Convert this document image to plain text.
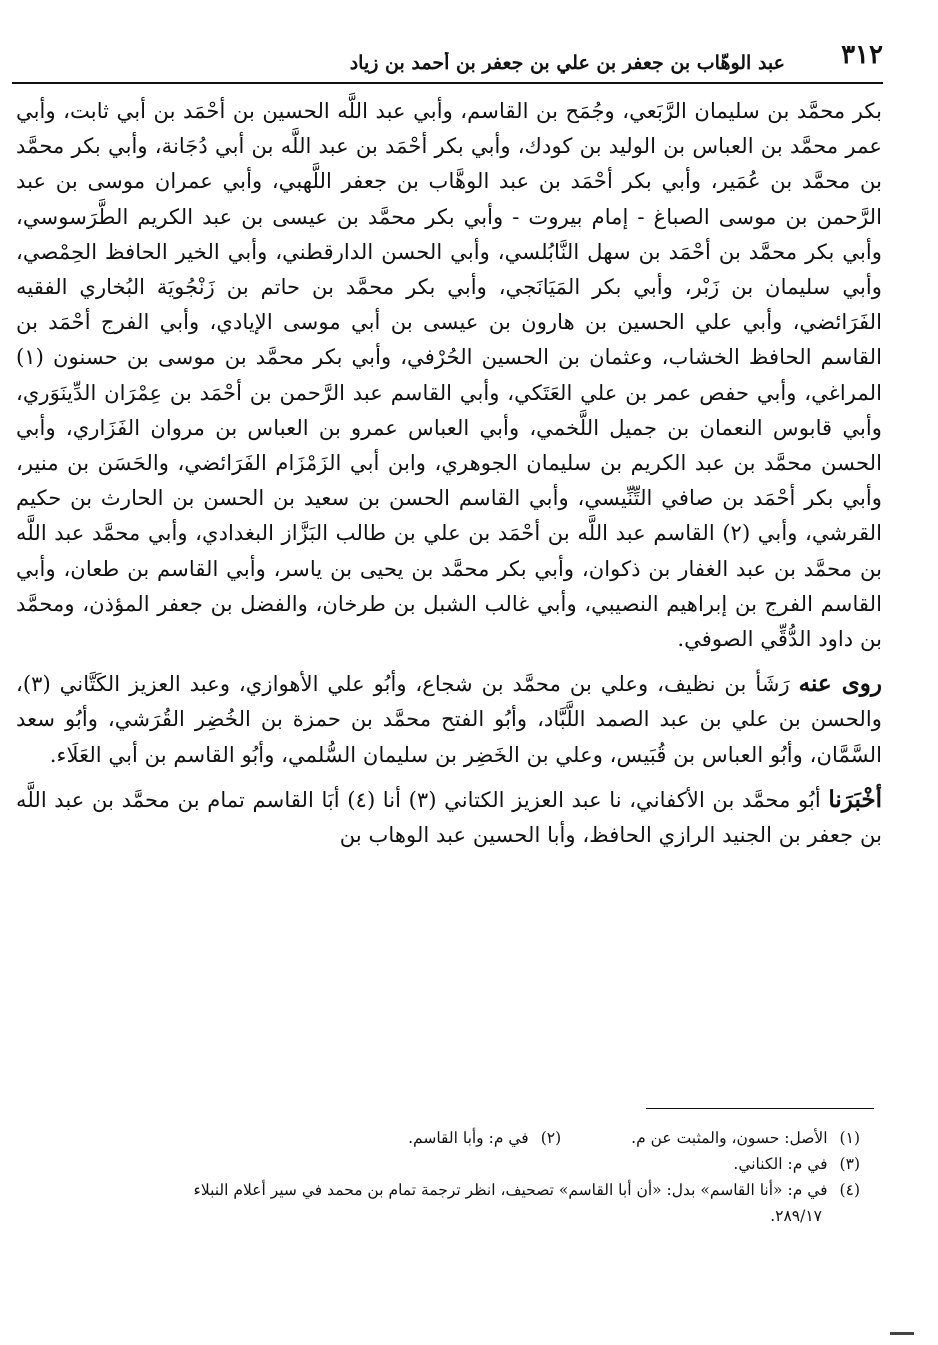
٣١٢
عبد الوهّاب بن جعفر بن علي بن جعفر بن أحمد بن زياد

بكر محمَّد بن سليمان الرَّبَعي، وجُمَح بن القاسم، وأبي عبد اللَّه الحسين بن أحْمَد بن أبي ثابت، وأبي عمر محمَّد بن العباس بن الوليد بن كودك، وأبي بكر أحْمَد بن عبد اللَّه بن أبي دُجَانة، وأبي بكر محمَّد بن محمَّد بن عُمَير، وأبي بكر أحْمَد بن عبد الوهَّاب بن جعفر اللَّهبي، وأبي عمران موسى بن عبد الرَّحمن بن موسى الصباغ - إمام بيروت - وأبي بكر محمَّد بن عيسى بن عبد الكريم الطَّرَسوسي، وأبي بكر محمَّد بن أحْمَد بن سهل النَّابُلسي، وأبي الحسن الدارقطني، وأبي الخير الحافظ الحِمْصي، وأبي سليمان بن زَبْر، وأبي بكر المَيَانَجي، وأبي بكر محمَّد بن حاتم بن زَنْجُويَة البُخاري الفقيه الفَرَائضي، وأبي علي الحسين بن هارون بن عيسى بن أبي موسى الإيادي، وأبي الفرج أحْمَد بن القاسم الحافظ الخشاب، وعثمان بن الحسين الحُرْفي، وأبي بكر محمَّد بن موسى بن حسنون (١) المراغي، وأبي حفص عمر بن علي العَتَكي، وأبي القاسم عبد الرَّحمن بن أحْمَد بن عِمْرَان الدِّينَوَري، وأبي قابوس النعمان بن جميل اللَّخمي، وأبي العباس عمرو بن العباس بن مروان الفَزَاري، وأبي الحسن محمَّد بن عبد الكريم بن سليمان الجوهري، وابن أبي الزَمْزَام الفَرَائضي، والحَسَن بن منير، وأبي بكر أحْمَد بن صافي التِّنِّيسي، وأبي القاسم الحسن بن سعيد بن الحسن بن الحارث بن حكيم القرشي، وأبي (٢) القاسم عبد اللَّه بن أحْمَد بن علي بن طالب البَزَّاز البغدادي، وأبي محمَّد عبد اللَّه بن محمَّد بن عبد الغفار بن ذكوان، وأبي بكر محمَّد بن يحيى بن ياسر، وأبي القاسم بن طعان، وأبي القاسم الفرج بن إبراهيم النصيبي، وأبي غالب الشبل بن طرخان، والفضل بن جعفر المؤذن، ومحمَّد بن داود الدُّقِّي الصوفي.

روى عنه رَشَأ بن نظيف، وعلي بن محمَّد بن شجاع، وأبُو علي الأهوازي، وعبد العزيز الكَتَّاني (٣)، والحسن بن علي بن عبد الصمد اللَّبَّاد، وأبُو الفتح محمَّد بن حمزة بن الخُضِر القُرَشي، وأبُو سعد السَّمَّان، وأبُو العباس بن قُبَيس، وعلي بن الخَضِر بن سليمان السُّلمي، وأبُو القاسم بن أبي العَلَاء.

أخْبَرَنا أبُو محمَّد بن الأكفاني، نا عبد العزيز الكتاني (٣) أنا (٤) أبَا القاسم تمام بن محمَّد بن عبد اللَّه بن جعفر بن الجنيد الرازي الحافظ، وأبا الحسين عبد الوهاب بن

(١)الأصل: حسون، والمثبت عن م.
(٢)في م: وأبا القاسم.
(٣)
في م: الكناني.
(٤)
في م: «أنا القاسم» بدل: «أن أبا القاسم» تصحيف، انظر ترجمة تمام بن محمد في سير أعلام النبلاء
٢٨٩/١٧.
